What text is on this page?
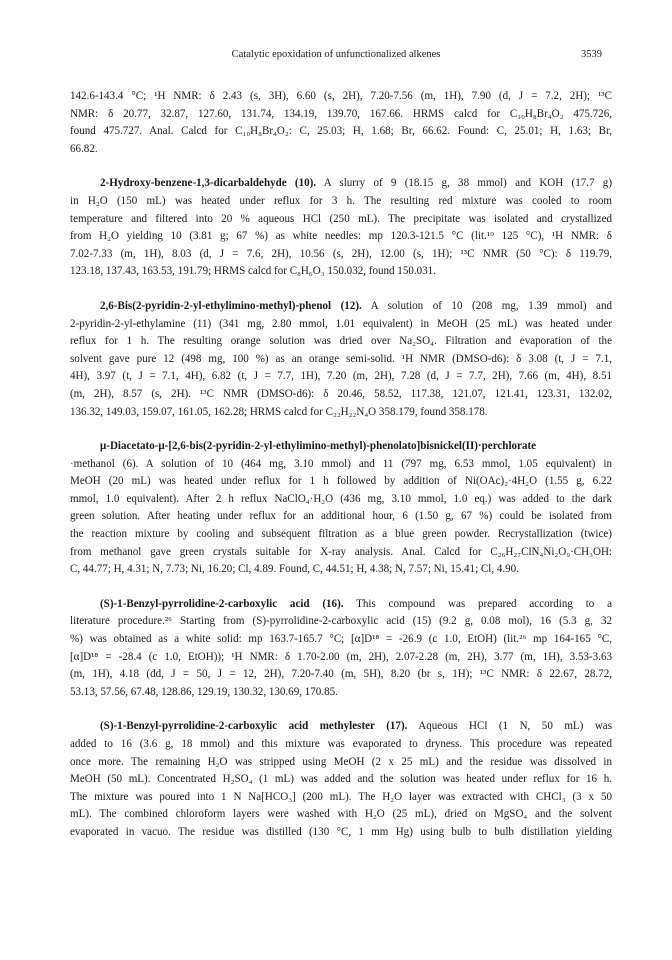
Catalytic epoxidation of unfunctionalized alkenes	3539
142.6-143.4 °C; ¹H NMR: δ 2.43 (s, 3H), 6.60 (s, 2H), 7.20-7.56 (m, 1H), 7.90 (d, J = 7.2, 2H); ¹³C
NMR: δ 20.77, 32.87, 127.60, 131.74, 134.19, 139.70, 167.66. HRMS calcd for C₁₀H₈Br₄O₂ 475.726,
found 475.727. Anal. Calcd for C₁₀H₈Br₄O₂: C, 25.03; H, 1.68; Br, 66.62. Found: C, 25.01; H, 1.63; Br,
66.82.
2-Hydroxy-benzene-1,3-dicarbaldehyde (10). A slurry of 9 (18.15 g, 38 mmol) and KOH (17.7 g)
in H₂O (150 mL) was heated under reflux for 3 h. The resulting red mixture was cooled to room
temperature and filtered into 20 % aqueous HCl (250 mL). The precipitate was isolated and crystallized
from H₂O yielding 10 (3.81 g; 67 %) as white needles: mp 120.3-121.5 °C (lit.¹⁹ 125 °C), ¹H NMR: δ
7.02-7.33 (m, 1H), 8.03 (d, J = 7.6, 2H), 10.56 (s, 2H), 12.00 (s, 1H); ¹³C NMR (50 °C): δ 119.79,
123.18, 137.43, 163.53, 191.79; HRMS calcd for C₈H₆O₃ 150.032, found 150.031.
2,6-Bis(2-pyridin-2-yl-ethylimino-methyl)-phenol (12). A solution of 10 (208 mg, 1.39 mmol) and
2-pyridin-2-yl-ethylamine (11) (341 mg, 2.80 mmol, 1.01 equivalent) in MeOH (25 mL) was heated under
reflux for 1 h. The resulting orange solution was dried over Na₂SO₄. Filtration and evaporation of the
solvent gave pure 12 (498 mg, 100 %) as an orange semi-solid. ¹H NMR (DMSO-d6): δ 3.08 (t, J = 7.1,
4H), 3.97 (t, J = 7.1, 4H), 6.82 (t, J = 7.7, 1H), 7.20 (m, 2H), 7.28 (d, J = 7.7, 2H), 7.66 (m, 4H), 8.51
(m, 2H), 8.57 (s, 2H). ¹³C NMR (DMSO-d6): δ 20.46, 58.52, 117.38, 121.07, 121.41, 123.31, 132.02,
136.32, 149.03, 159.07, 161.05, 162.28; HRMS calcd for C₂₂H₂₂N₄O 358.179, found 358.178.
μ-Diacetato-μ-[2,6-bis(2-pyridin-2-yl-ethylimino-methyl)-phenolato]bisnickel(II)·perchlorate
·methanol (6). A solution of 10 (464 mg, 3.10 mmol) and 11 (797 mg, 6.53 mmol, 1.05 equivalent) in
MeOH (20 mL) was heated under reflux for 1 h followed by addition of Ni(OAc)₂·4H₂O (1.55 g, 6.22
mmol, 1.0 equivalent). After 2 h reflux NaClO₄·H₂O (436 mg, 3.10 mmol, 1.0 eq.) was added to the dark
green solution. After heating under reflux for an additional hour, 6 (1.50 g, 67 %) could be isolated from
the reaction mixture by cooling and subsequent filtration as a blue green powder. Recrystallization (twice)
from methanol gave green crystals suitable for X-ray analysis. Anal. Calcd for C₂₆H₂₇ClN₄Ni₂O₉·CH₃OH:
C, 44.77; H, 4.31; N, 7.73; Ni, 16.20; Cl, 4.89. Found, C, 44.51; H, 4.38; N, 7.57; Ni, 15.41; Cl, 4.90.
(S)-1-Benzyl-pyrrolidine-2-carboxylic acid (16). This compound was prepared according to a
literature procedure.²⁶ Starting from (S)-pyrrolidine-2-carboxylic acid (15) (9.2 g, 0.08 mol), 16 (5.3 g, 32
%) was obtained as a white solid: mp 163.7-165.7 °C; [α]D¹⁸ = -26.9 (c 1.0, EtOH) (lit.²⁶ mp 164-165 °C,
[α]D¹⁸ = -28.4 (c 1.0, EtOH)); ¹H NMR: δ 1.70-2.00 (m, 2H), 2.07-2.28 (m, 2H), 3.77 (m, 1H), 3.53-3.63
(m, 1H), 4.18 (dd, J = 50, J = 12, 2H), 7.20-7.40 (m, 5H), 8.20 (br s, 1H); ¹³C NMR: δ 22.67, 28.72,
53.13, 57.56, 67.48, 128.86, 129.19, 130.32, 130.69, 170.85.
(S)-1-Benzyl-pyrrolidine-2-carboxylic acid methylester (17). Aqueous HCl (1 N, 50 mL) was
added to 16 (3.6 g, 18 mmol) and this mixture was evaporated to dryness. This procedure was repeated
once more. The remaining H₂O was stripped using MeOH (2 x 25 mL) and the residue was dissolved in
MeOH (50 mL). Concentrated H₂SO₄ (1 mL) was added and the solution was heated under reflux for 16 h.
The mixture was poured into 1 N Na[HCO₃] (200 mL). The H₂O layer was extracted with CHCl₃ (3 x 50
mL). The combined chloroform layers were washed with H₂O (25 mL), dried on MgSO₄ and the solvent
evaporated in vacuo. The residue was distilled (130 °C, 1 mm Hg) using bulb to bulb distillation yielding
